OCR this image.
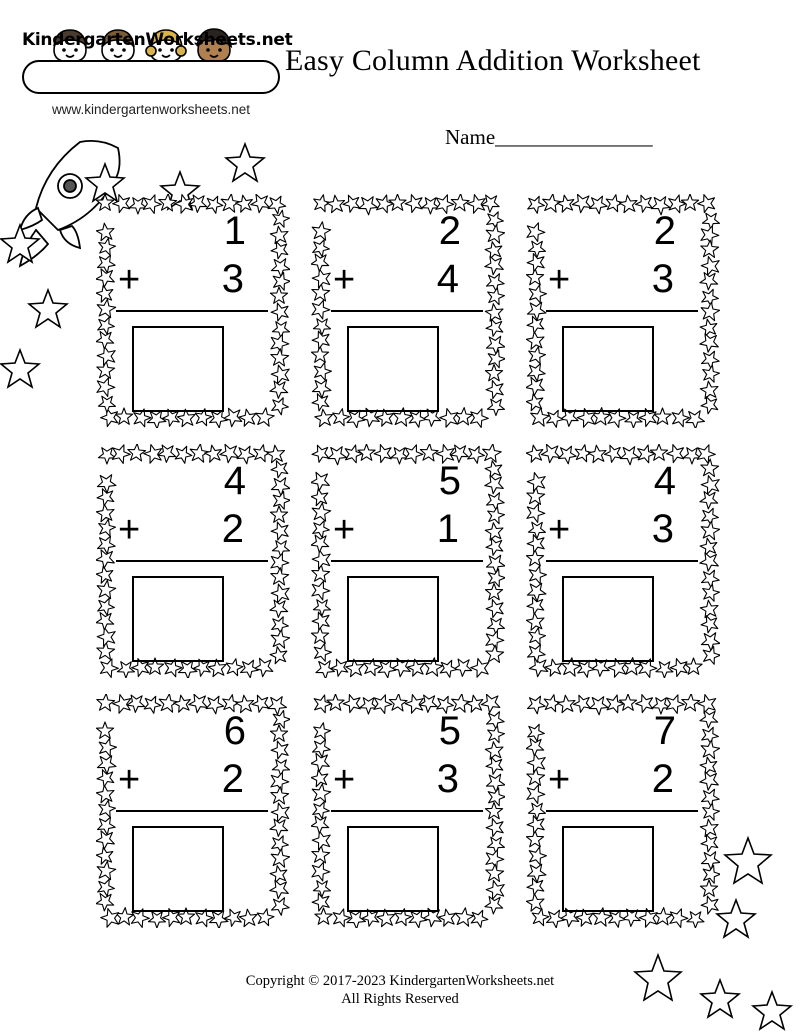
KindergartenWorksheets.net
www.kindergartenworksheets.net
Easy Column Addition Worksheet
Name_______________
1
+ 3
2
+ 4
2
+ 3
4
+ 2
5
+ 1
4
+ 3
6
+ 2
5
+ 3
7
+ 2
Copyright © 2017-2023 KindergartenWorksheets.net
All Rights Reserved
